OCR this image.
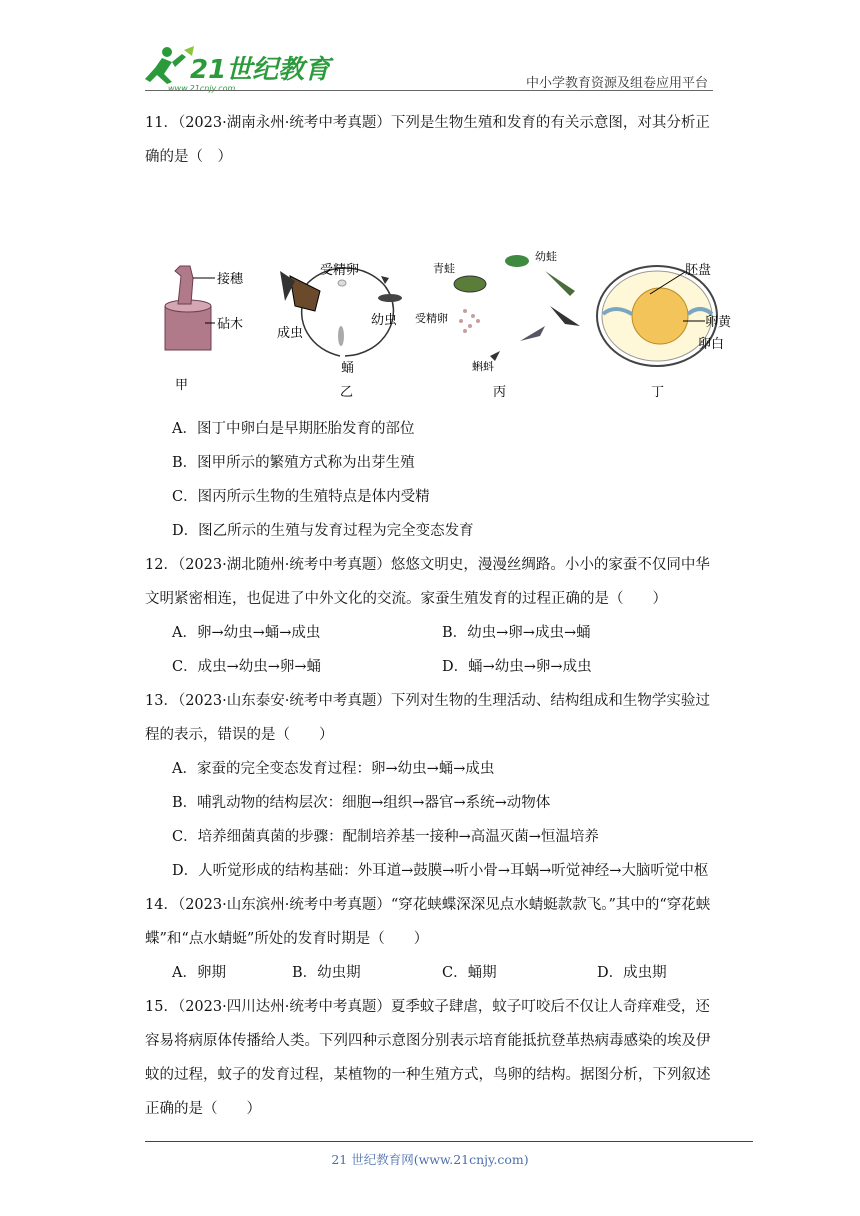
21世纪教育
www.21cnjy.com	中小学教育资源及组卷应用平台

11．（2023·湖南永州·统考中考真题）下列是生物生殖和发育的有关示意图，对其分析正确的是（　）

接穗
砧木
甲
受精卵
幼虫
成虫
蛹
乙
青蛙
幼蛙
受精卵
蝌蚪
丙
胚盘
卵黄
卵白
丁
A．图丁中卵白是早期胚胎发育的部位
B．图甲所示的繁殖方式称为出芽生殖
C．图丙所示生物的生殖特点是体内受精
D．图乙所示的生殖与发育过程为完全变态发育

12．（2023·湖北随州·统考中考真题）悠悠文明史，漫漫丝绸路。小小的家蚕不仅同中华文明紧密相连，也促进了中外文化的交流。家蚕生殖发育的过程正确的是（　　）

A．卵→幼虫→蛹→成虫	B．幼虫→卵→成虫→蛹
C．成虫→幼虫→卵→蛹	D．蛹→幼虫→卵→成虫

13．（2023·山东泰安·统考中考真题）下列对生物的生理活动、结构组成和生物学实验过程的表示，错误的是（　　）

A．家蚕的完全变态发育过程：卵→幼虫→蛹→成虫
B．哺乳动物的结构层次：细胞→组织→器官→系统→动物体
C．培养细菌真菌的步骤：配制培养基一接种→高温灭菌→恒温培养
D．人听觉形成的结构基础：外耳道→鼓膜→听小骨→耳蜗→听觉神经→大脑听觉中枢

14．（2023·山东滨州·统考中考真题）“穿花蛱蝶深深见点水蜻蜓款款飞。”其中的“穿花蛱蝶”和“点水蜻蜓”所处的发育时期是（　　）

A．卵期	B．幼虫期	C．蛹期	D．成虫期

15．（2023·四川达州·统考中考真题）夏季蚊子肆虐，蚊子叮咬后不仅让人奇痒难受，还容易将病原体传播给人类。下列四种示意图分别表示培育能抵抗登革热病毒感染的埃及伊蚊的过程，蚊子的发育过程，某植物的一种生殖方式，鸟卵的结构。据图分析，下列叙述正确的是（　　）

21 世纪教育网(www.21cnjy.com)
